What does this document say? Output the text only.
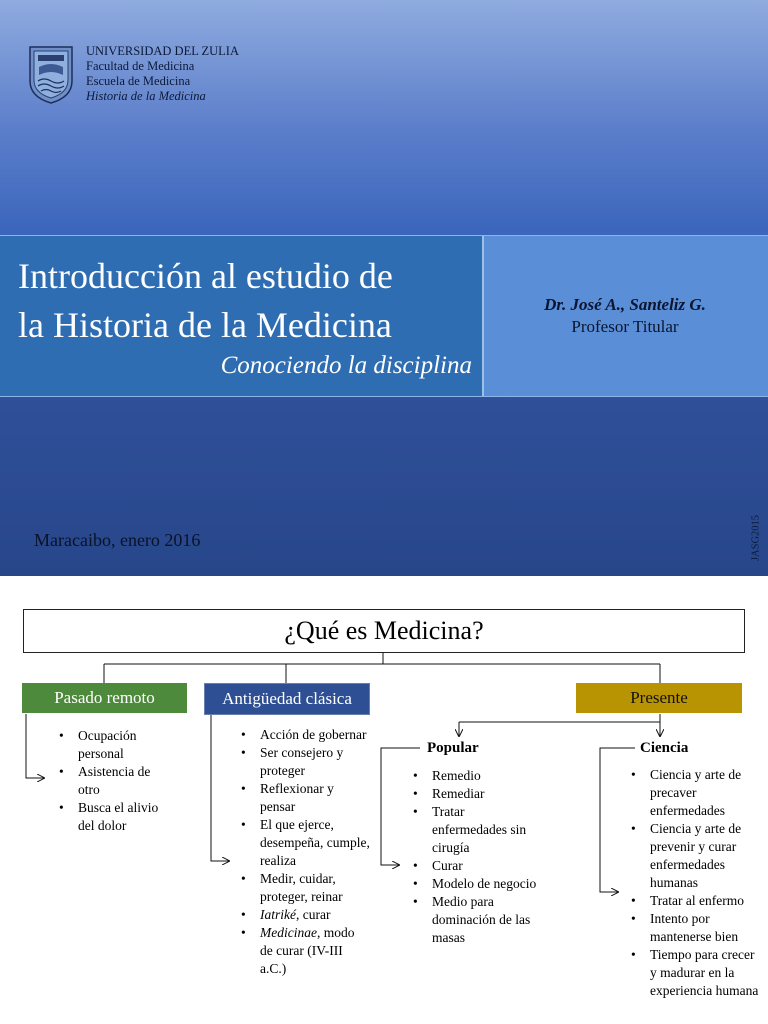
UNIVERSIDAD DEL ZULIA
Facultad de Medicina
Escuela de Medicina
Historia de la Medicina
Introducción al estudio de
la Historia de la Medicina
Conociendo la disciplina
Dr. José A., Santeliz G.
Profesor Titular
Maracaibo, enero 2016	JASG2015
¿Qué es Medicina?
Pasado remoto	Antigüedad clásica	Presente
• Ocupación personal
• Asistencia de otro
• Busca el alivio del dolor
• Acción de gobernar
• Ser consejero y proteger
• Reflexionar y pensar
• El que ejerce, desempeña, cumple, realiza
• Medir, cuidar, proteger, reinar
• Iatriké, curar
• Medicinae, modo de curar (IV-III a.C.)
Popular
• Remedio
• Remediar
• Tratar enfermedades sin cirugía
• Curar
• Modelo de negocio
• Medio para dominación de las masas
Ciencia
• Ciencia y arte de precaver enfermedades
• Ciencia y arte de prevenir y curar enfermedades humanas
• Tratar al enfermo
• Intento por mantenerse bien
• Tiempo para crecer y madurar en la experiencia humana
